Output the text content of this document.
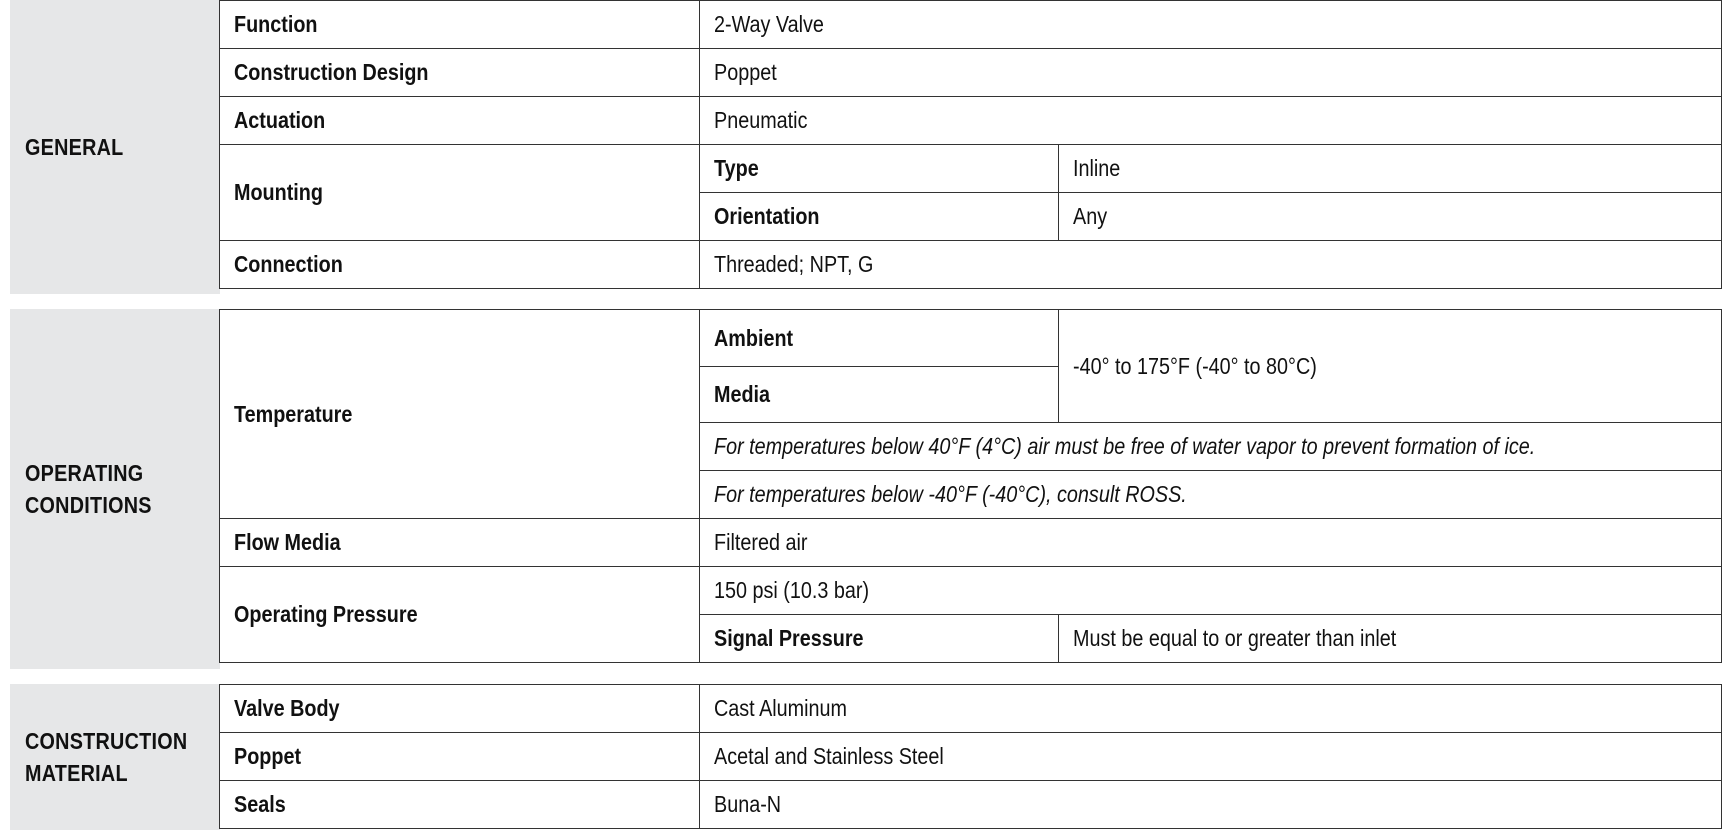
GENERAL
Function	2-Way Valve	
Construction Design	Poppet	
Actuation	Pneumatic	
Mounting	Type	Inline
	Orientation	Any
Connection	Threaded; NPT, G	
OPERATING
CONDITIONS
Temperature	Ambient	-40° to 175°F (-40° to 80°C)
	Media	
	For temperatures below 40°F (4°C) air must be free of water vapor to prevent formation of ice.	
	For temperatures below -40°F (-40°C), consult ROSS.	
Flow Media	Filtered air	
Operating Pressure	150 psi (10.3 bar)	
	Signal Pressure	Must be equal to or greater than inlet
CONSTRUCTION
MATERIAL
Valve Body	Cast Aluminum
Poppet	Acetal and Stainless Steel
Seals	Buna-N
